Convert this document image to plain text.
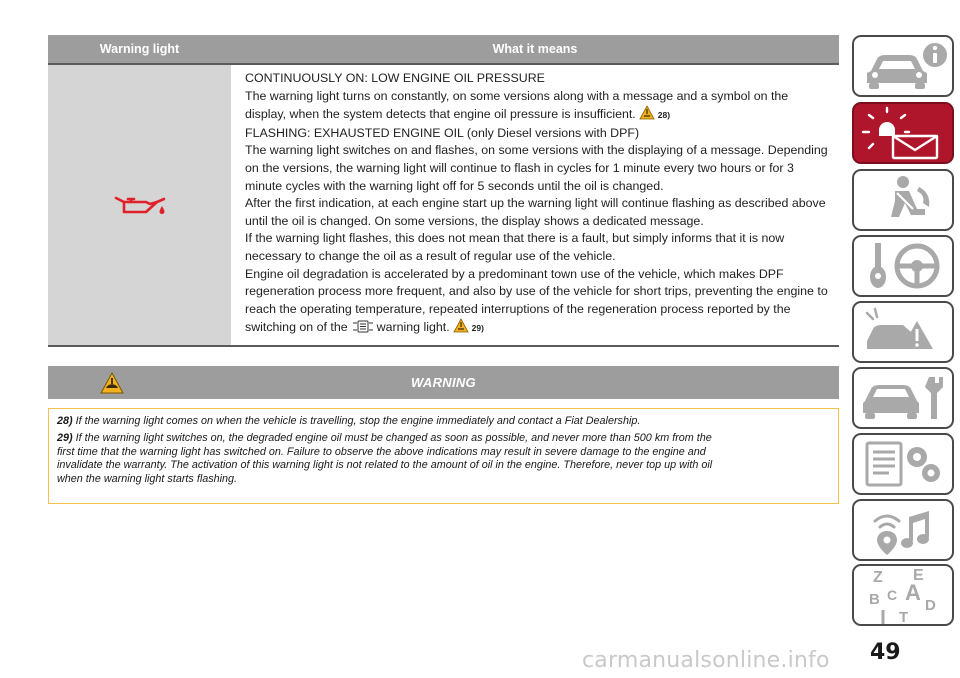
Warning light	What it means

CONTINUOUSLY ON: LOW ENGINE OIL PRESSURE

The warning light turns on constantly, on some versions along with a message and a symbol on the

display, when the system detects that engine oil pressure is insufficient.	28)

FLASHING: EXHAUSTED ENGINE OIL (only Diesel versions with DPF)

The warning light switches on and flashes, on some versions with the displaying of a message. Depending

on the versions, the warning light will continue to flash in cycles for 1 minute every two hours or for 3

minute cycles with the warning light off for 5 seconds until the oil is changed.

After the first indication, at each engine start up the warning light will continue flashing as described above

until the oil is changed. On some versions, the display shows a dedicated message.

If the warning light flashes, this does not mean that there is a fault, but simply informs that it is now

necessary to change the oil as a result of regular use of the vehicle.

Engine oil degradation is accelerated by a predominant town use of the vehicle, which makes DPF

regeneration process more frequent, and also by use of the vehicle for short trips, preventing the engine to

reach the operating temperature, repeated interruptions of the regeneration process reported by the

switching on of the warning light.	29)

WARNING
28) If the warning light comes on when the vehicle is travelling, stop the engine immediately and contact a Fiat Dealership.
29) If the warning light switches on, the degraded engine oil must be changed as soon as possible, and never more than 500 km from the
first time that the warning light has switched on. Failure to observe the above indications may result in severe damage to the engine and
invalidate the warranty. The activation of this warning light is not related to the amount of oil in the engine. Therefore, never top up with oil
when the warning light starts flashing.
Z E
B A
C
D
T
49
carmanualsonline.info
